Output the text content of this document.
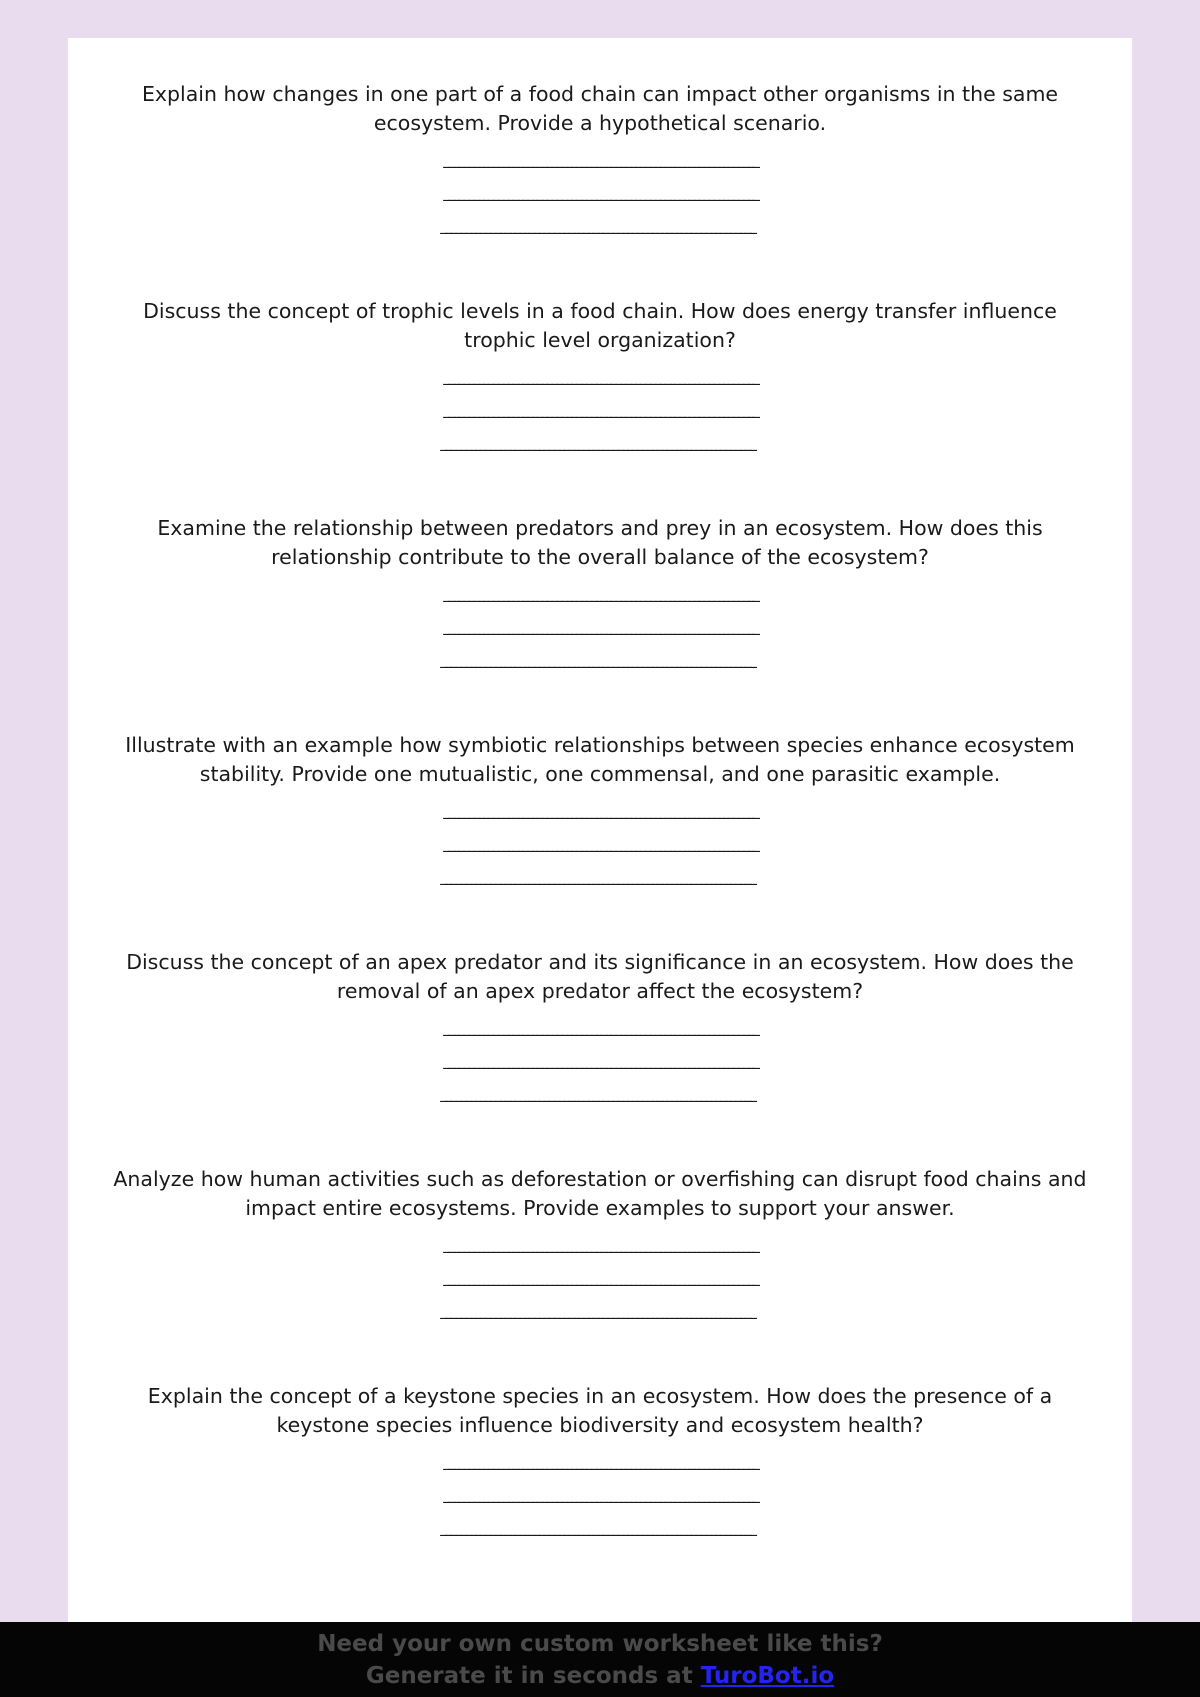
Explain how changes in one part of a food chain can impact other organisms in the same ecosystem. Provide a hypothetical scenario.
________________________________________________________________
________________________________________________________________
________________________________________________________________
Discuss the concept of trophic levels in a food chain. How does energy transfer influence trophic level organization?
________________________________________________________________
________________________________________________________________
________________________________________________________________
Examine the relationship between predators and prey in an ecosystem. How does this relationship contribute to the overall balance of the ecosystem?
________________________________________________________________
________________________________________________________________
________________________________________________________________
Illustrate with an example how symbiotic relationships between species enhance ecosystem stability. Provide one mutualistic, one commensal, and one parasitic example.
________________________________________________________________
________________________________________________________________
________________________________________________________________
Discuss the concept of an apex predator and its significance in an ecosystem. How does the removal of an apex predator affect the ecosystem?
________________________________________________________________
________________________________________________________________
________________________________________________________________
Analyze how human activities such as deforestation or overfishing can disrupt food chains and impact entire ecosystems. Provide examples to support your answer.
________________________________________________________________
________________________________________________________________
________________________________________________________________
Explain the concept of a keystone species in an ecosystem. How does the presence of a keystone species influence biodiversity and ecosystem health?
________________________________________________________________
________________________________________________________________
________________________________________________________________
Need your own custom worksheet like this?
Generate it in seconds at TuroBot.io
